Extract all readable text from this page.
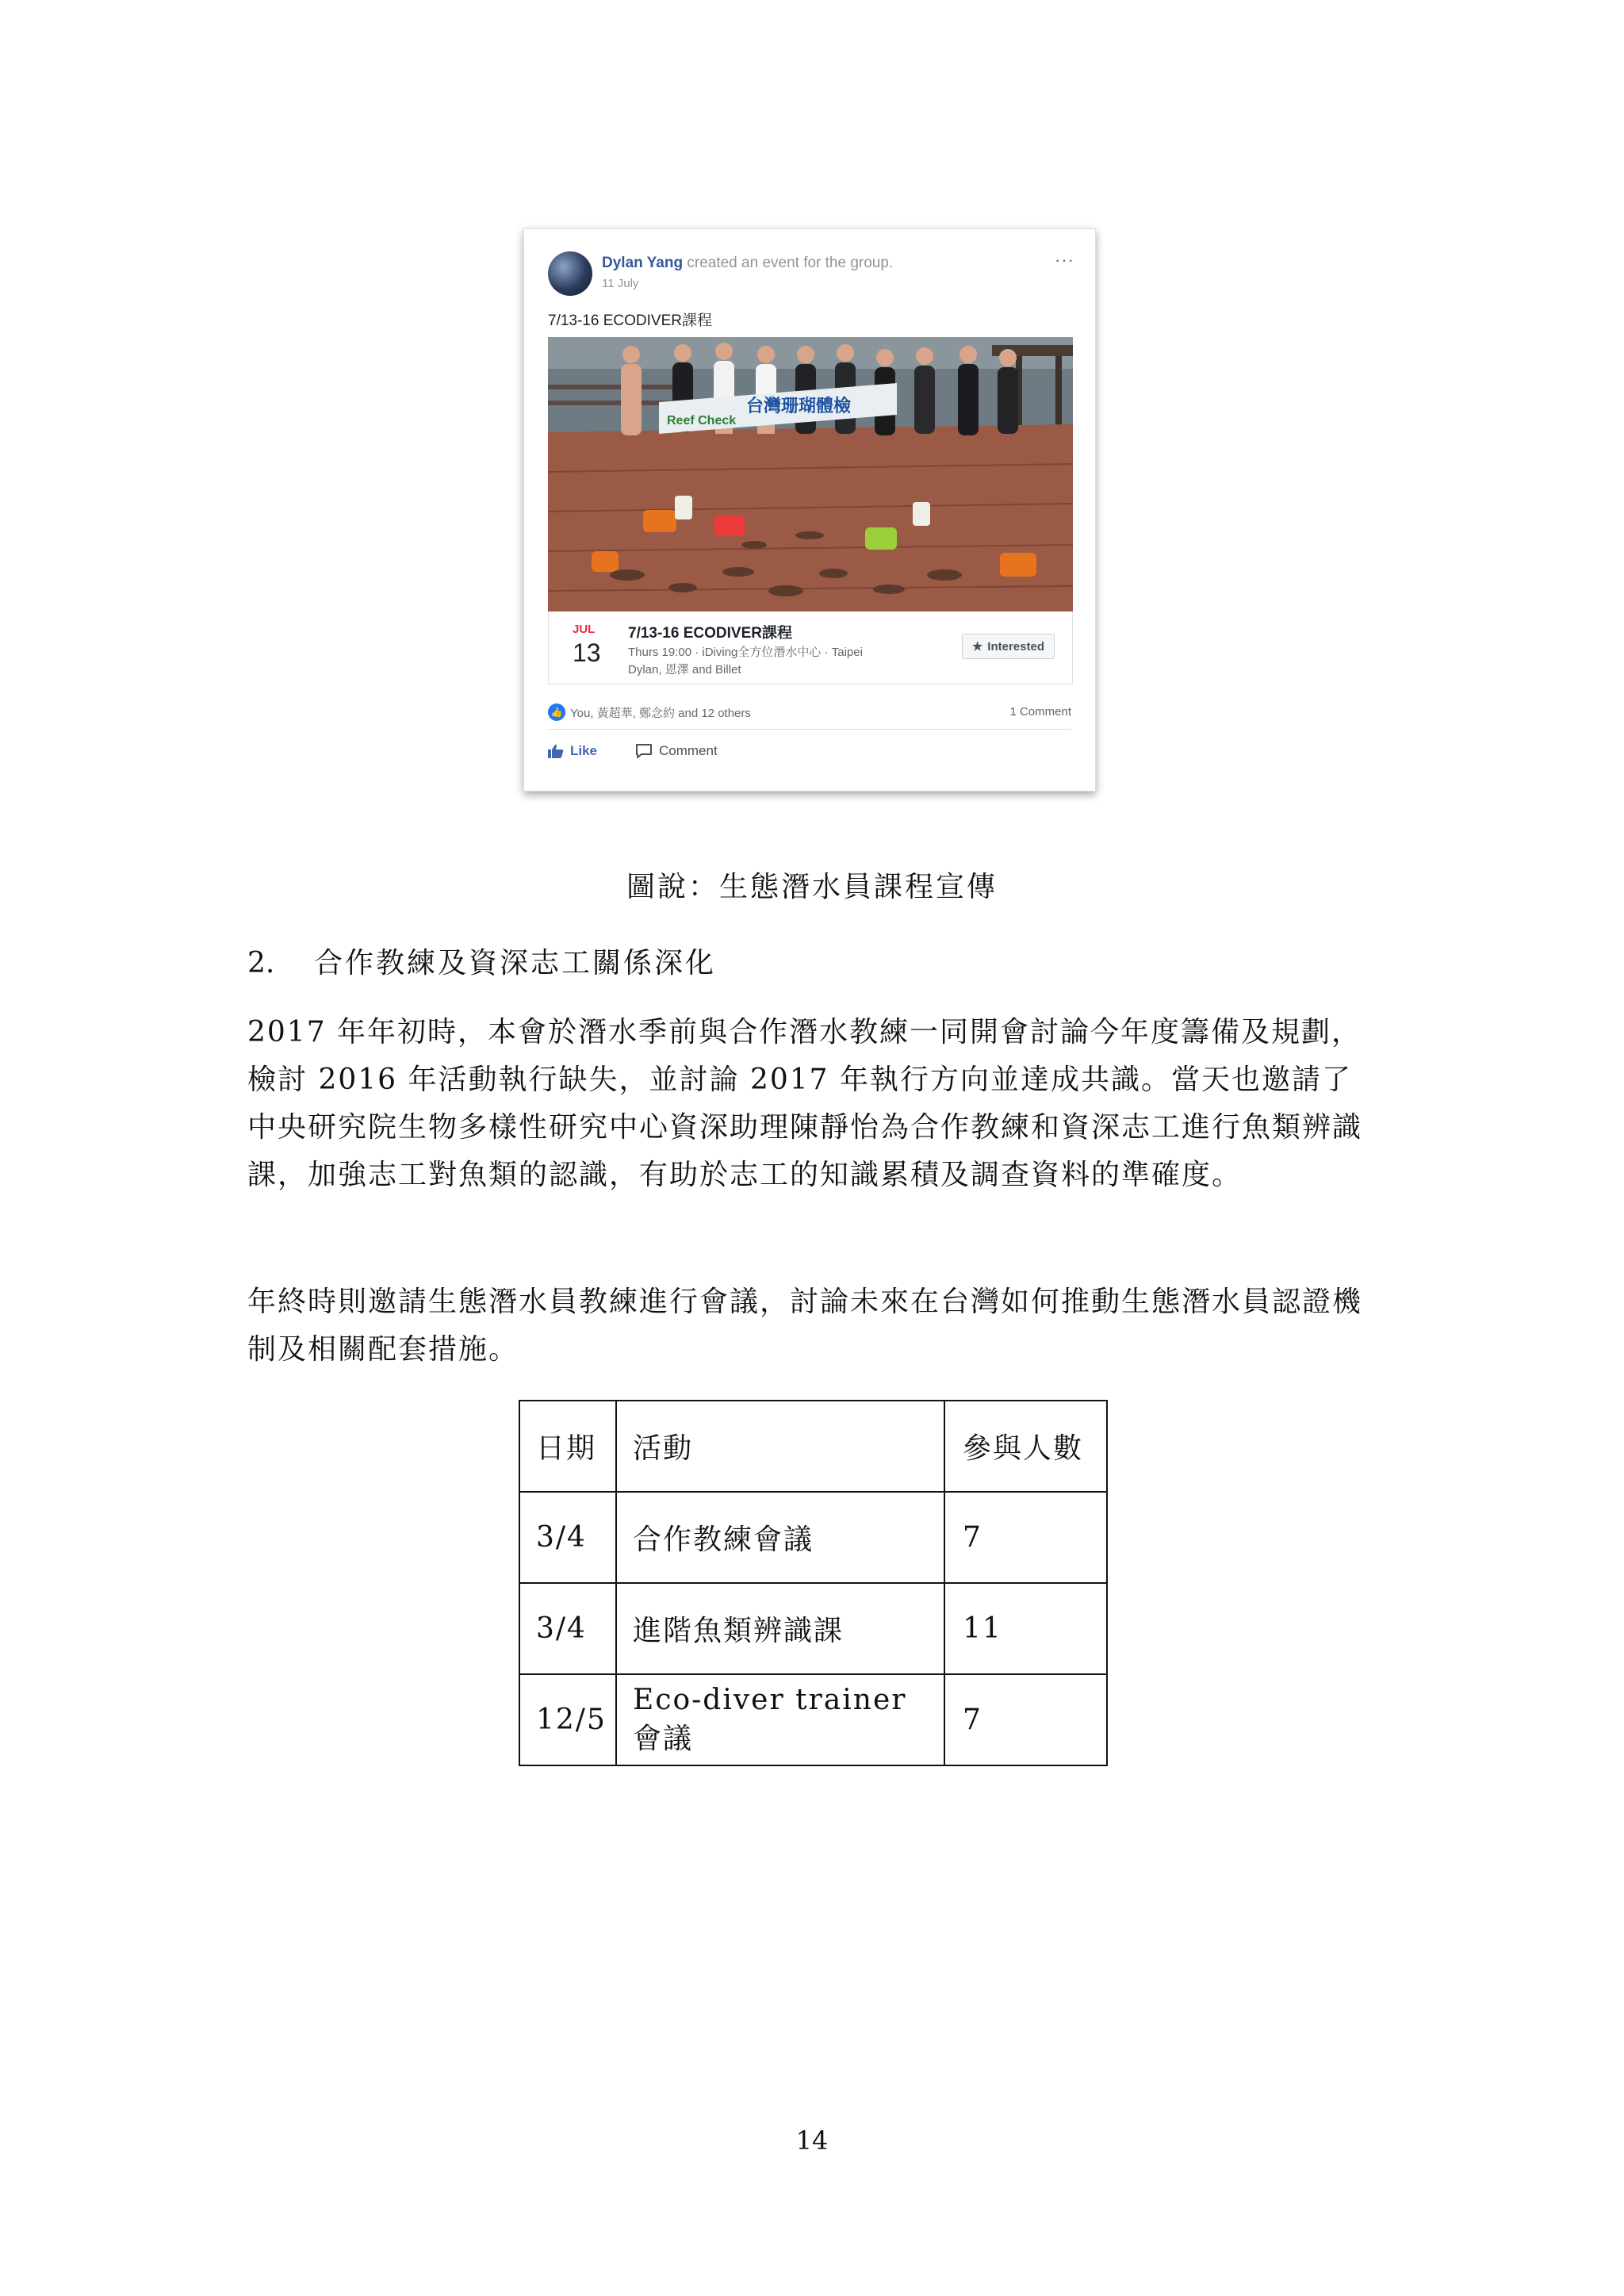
Dylan Yang created an event for the group.
11 July
···
7/13-16 ECODIVER課程
Reef Check
台灣珊瑚體檢
JUL
13
7/13-16 ECODIVER課程
Thurs 19:00 · iDiving全方位潛水中心 · Taipei
Dylan, 恩澤 and Billet
★ Interested
👍 You, 黃超華, 鄭念約 and 12 others	1 Comment
Like	Comment
圖說：生態潛水員課程宣傳
2. 合作教練及資深志工關係深化
2017 年年初時，本會於潛水季前與合作潛水教練一同開會討論今年度籌備及規劃，檢討 2016 年活動執行缺失，並討論 2017 年執行方向並達成共識。當天也邀請了中央研究院生物多樣性研究中心資深助理陳靜怡為合作教練和資深志工進行魚類辨識課，加強志工對魚類的認識，有助於志工的知識累積及調查資料的準確度。
年終時則邀請生態潛水員教練進行會議，討論未來在台灣如何推動生態潛水員認證機制及相關配套措施。
日期	活動	參與人數
3/4	合作教練會議	7
3/4	進階魚類辨識課	11
12/5	Eco-diver trainer 會議	7
14
